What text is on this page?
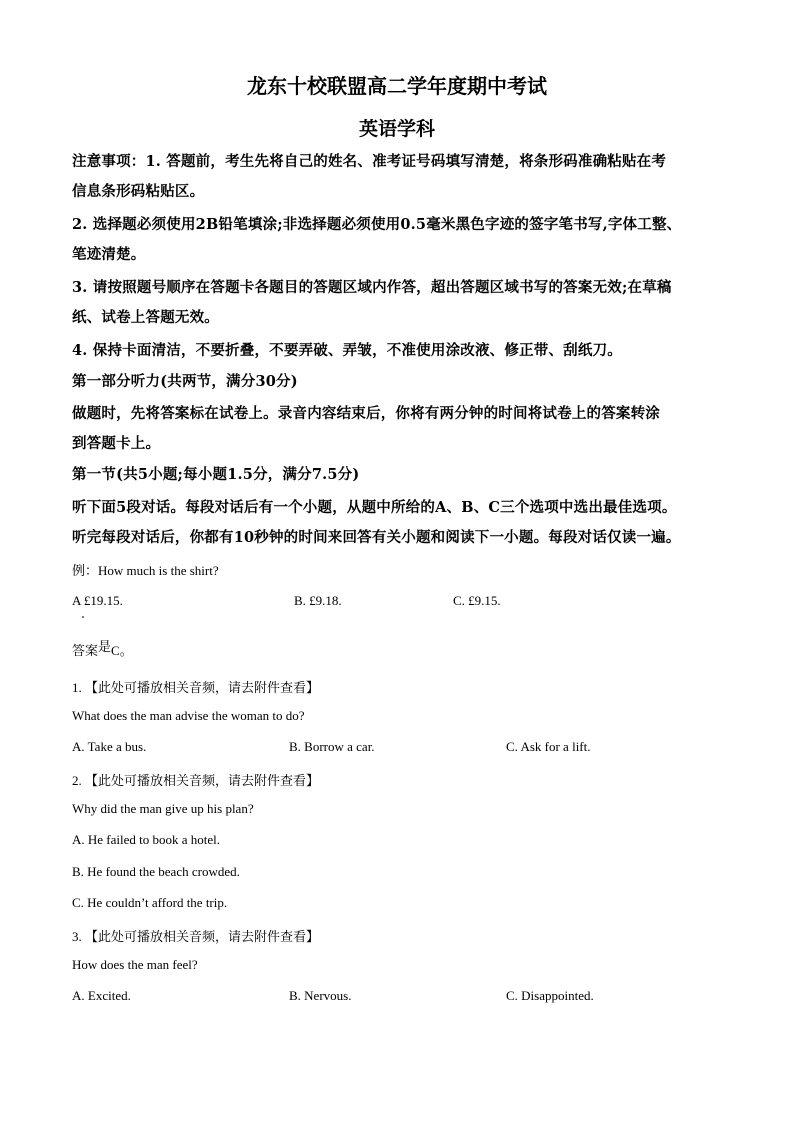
龙东十校联盟高二学年度期中考试
英语学科
注意事项：1. 答题前，考生先将自己的姓名、准考证号码填写清楚，将条形码准确粘贴在考
信息条形码粘贴区。
2. 选择题必须使用2B铅笔填涂;非选择题必须使用0.5毫米黑色字迹的签字笔书写,字体工整、
笔迹清楚。
3. 请按照题号顺序在答题卡各题目的答题区域内作答，超出答题区域书写的答案无效;在草稿
纸、试卷上答题无效。
4. 保持卡面清洁，不要折叠，不要弄破、弄皱，不准使用涂改液、修正带、刮纸刀。
第一部分听力(共两节，满分30分)
做题时，先将答案标在试卷上。录音内容结束后，你将有两分钟的时间将试卷上的答案转涂
到答题卡上。
第一节(共5小题;每小题1.5分，满分7.5分)
听下面5段对话。每段对话后有一个小题，从题中所给的A、B、C三个选项中选出最佳选项。
听完每段对话后，你都有10秒钟的时间来回答有关小题和阅读下一小题。每段对话仅读一遍。
例：How much is the shirt?
A £19.15.	B. £9.18.	C. £9.15.
答案是C。
1. 【此处可播放相关音频，请去附件查看】
What does the man advise the woman to do?
A. Take a bus.	B. Borrow a car.	C. Ask for a lift.
2. 【此处可播放相关音频，请去附件查看】
Why did the man give up his plan?
A. He failed to book a hotel.
B. He found the beach crowded.
C. He couldn’t afford the trip.
3. 【此处可播放相关音频，请去附件查看】
How does the man feel?
A. Excited.	B. Nervous.	C. Disappointed.
